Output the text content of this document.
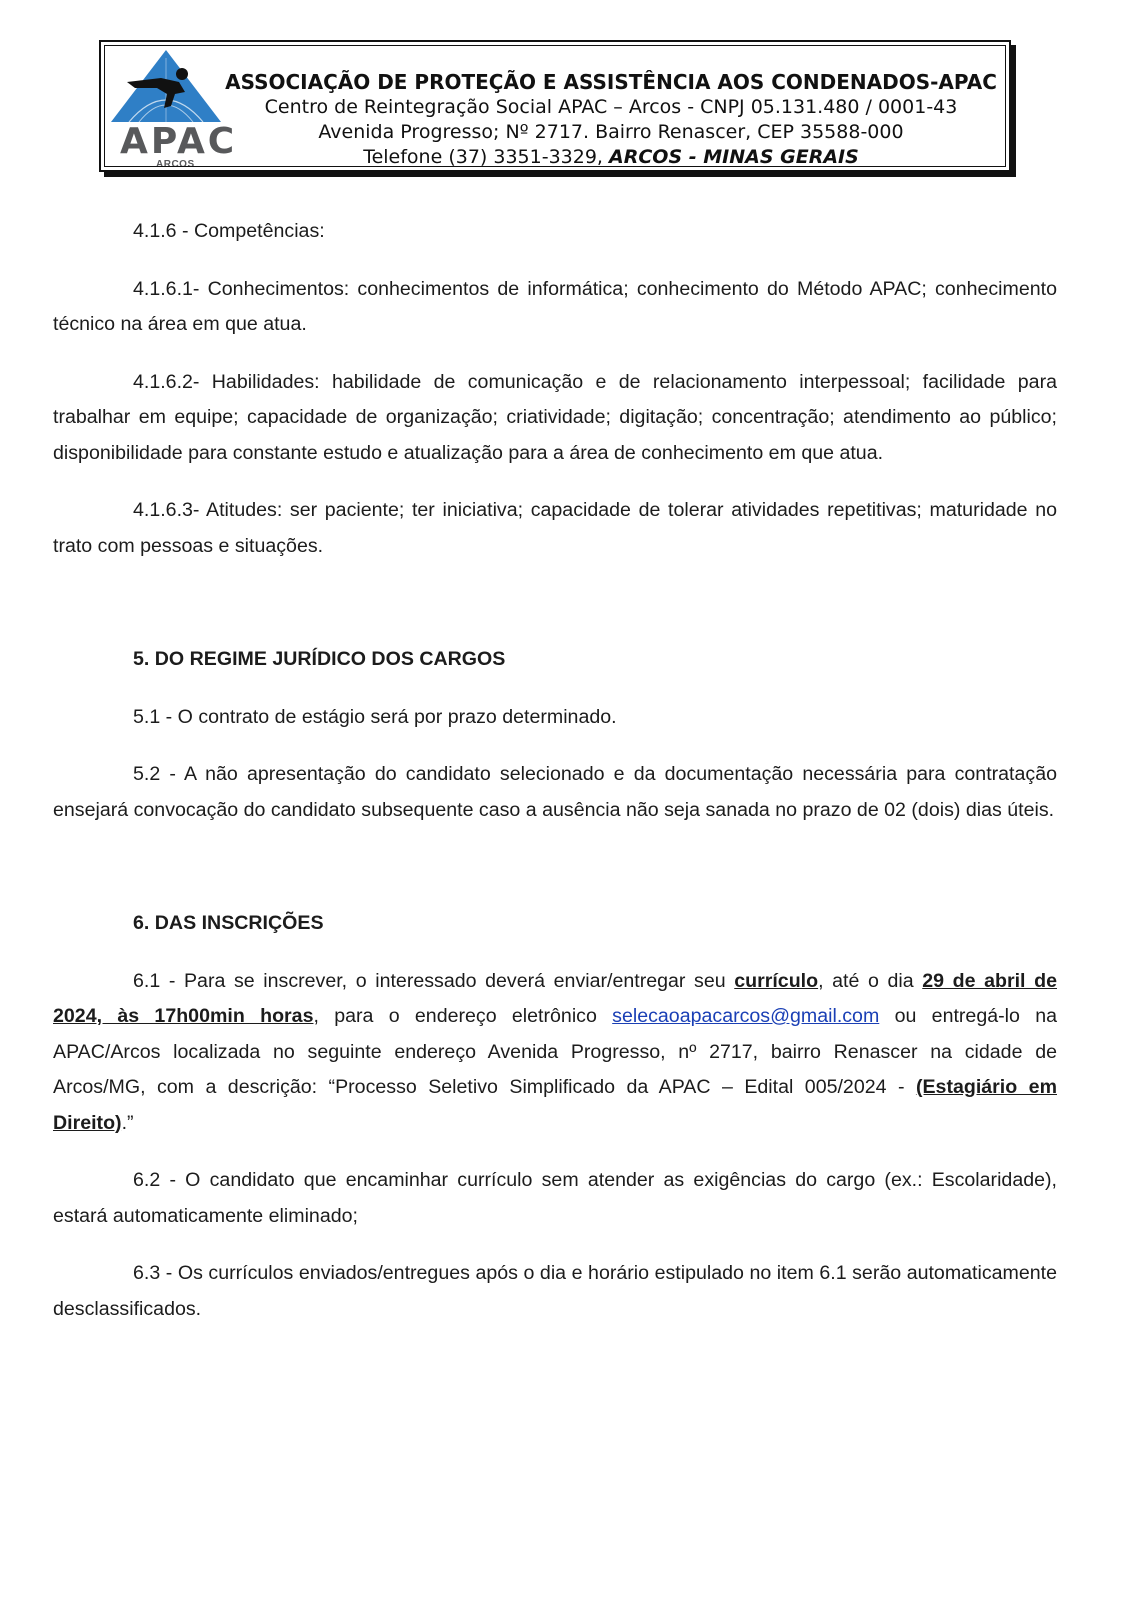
APAC
ARCOS
ASSOCIAÇÃO DE PROTEÇÃO E ASSISTÊNCIA AOS CONDENADOS-APAC
Centro de Reintegração Social APAC – Arcos - CNPJ 05.131.480 / 0001-43
Avenida Progresso; Nº 2717. Bairro Renascer, CEP 35588-000
Telefone (37) 3351-3329, ARCOS - MINAS GERAIS

4.1.6 - Competências:

4.1.6.1- Conhecimentos: conhecimentos de informática; conhecimento do Método APAC; conhecimento técnico na área em que atua.

4.1.6.2- Habilidades: habilidade de comunicação e de relacionamento interpessoal; facilidade para trabalhar em equipe; capacidade de organização; criatividade; digitação; concentração; atendimento ao público; disponibilidade para constante estudo e atualização para a área de conhecimento em que atua.

4.1.6.3- Atitudes: ser paciente; ter iniciativa; capacidade de tolerar atividades repetitivas; maturidade no trato com pessoas e situações.

5. DO REGIME JURÍDICO DOS CARGOS

5.1 - O contrato de estágio será por prazo determinado.

5.2 - A não apresentação do candidato selecionado e da documentação necessária para contratação ensejará convocação do candidato subsequente caso a ausência não seja sanada no prazo de 02 (dois) dias úteis.

6. DAS INSCRIÇÕES

6.1 - Para se inscrever, o interessado deverá enviar/entregar seu currículo, até o dia 29 de abril de 2024, às 17h00min horas, para o endereço eletrônico selecaoapacarcos@gmail.com ou entregá-lo na APAC/Arcos localizada no seguinte endereço Avenida Progresso, nº 2717, bairro Renascer na cidade de Arcos/MG, com a descrição: “Processo Seletivo Simplificado da APAC – Edital 005/2024 - (Estagiário em Direito).”

6.2 - O candidato que encaminhar currículo sem atender as exigências do cargo (ex.: Escolaridade), estará automaticamente eliminado;

6.3 - Os currículos enviados/entregues após o dia e horário estipulado no item 6.1 serão automaticamente desclassificados.
